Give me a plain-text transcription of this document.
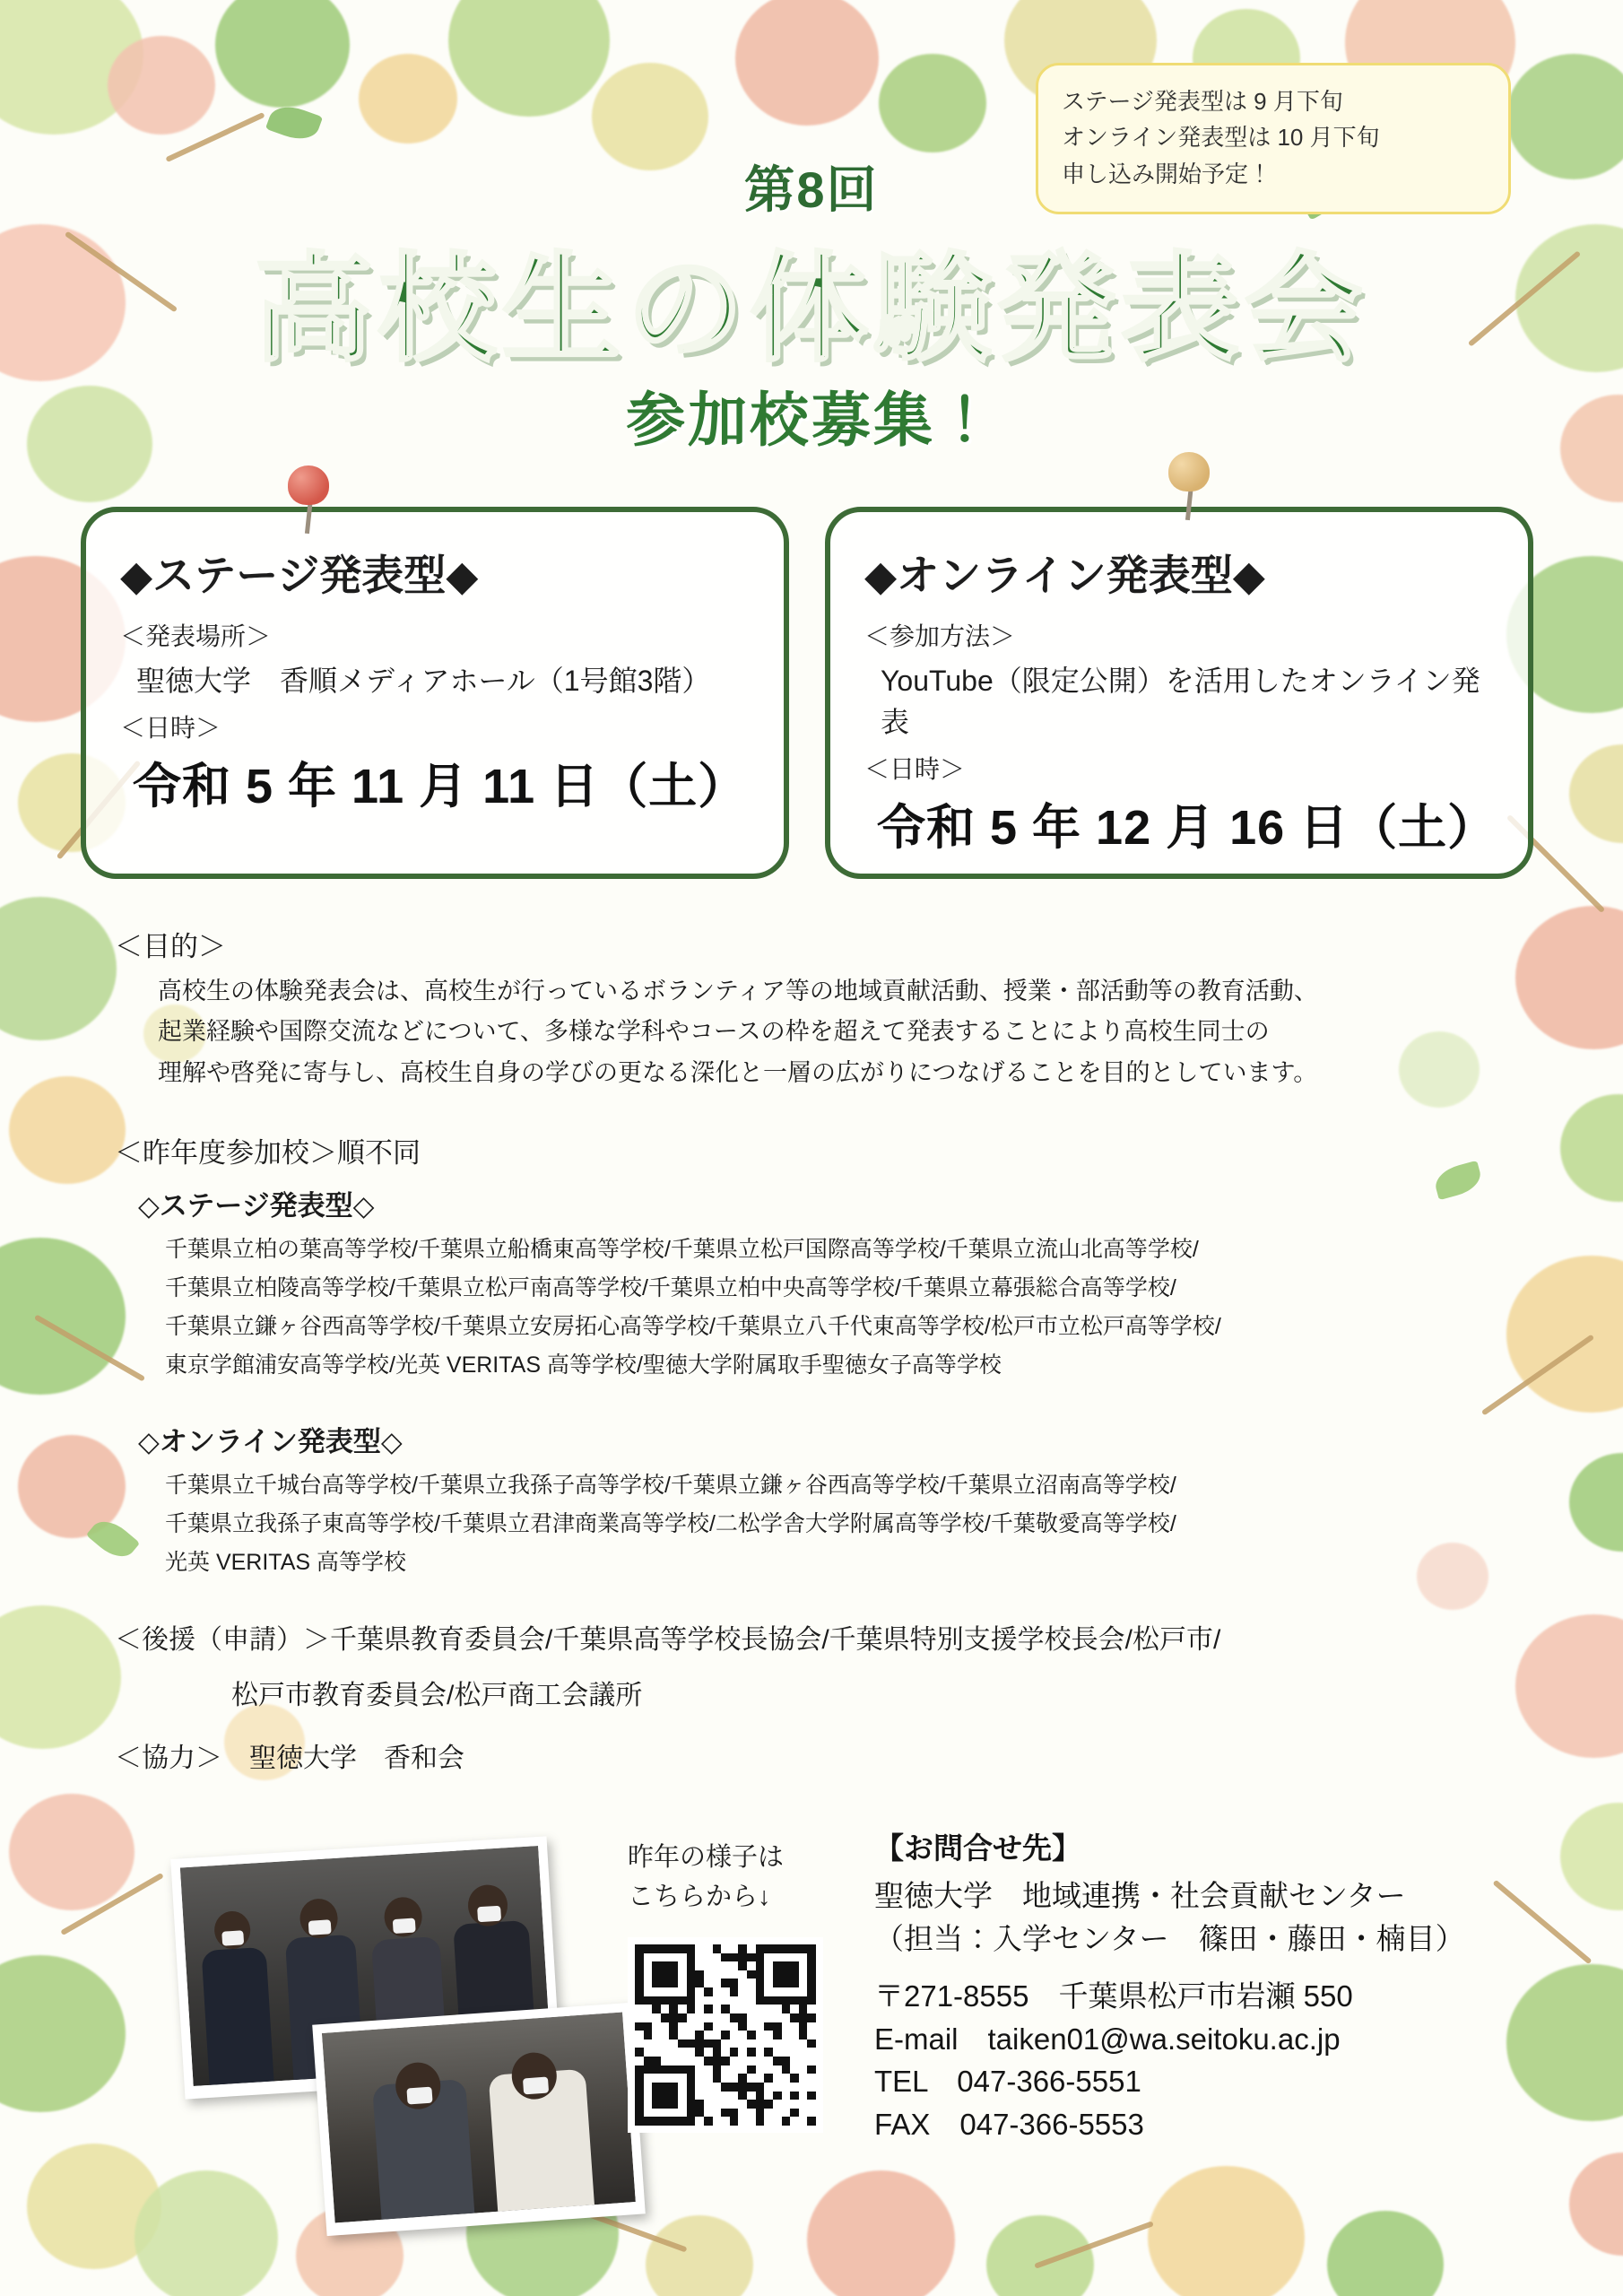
ステージ発表型は 9 月下旬
オンライン発表型は 10 月下旬
申し込み開始予定！
第8回
高校生の体験発表会
参加校募集！
◆ステージ発表型◆
＜発表場所＞
聖徳大学　香順メディアホール（1号館3階）
＜日時＞
令和 5 年 11 月 11 日（土）
◆オンライン発表型◆
＜参加方法＞
YouTube（限定公開）を活用したオンライン発表
＜日時＞
令和 5 年 12 月 16 日（土）
＜目的＞
高校生の体験発表会は、高校生が行っているボランティア等の地域貢献活動、授業・部活動等の教育活動、
起業経験や国際交流などについて、多様な学科やコースの枠を超えて発表することにより高校生同士の
理解や啓発に寄与し、高校生自身の学びの更なる深化と一層の広がりにつなげることを目的としています。
＜昨年度参加校＞順不同
◇ステージ発表型◇
千葉県立柏の葉高等学校/千葉県立船橋東高等学校/千葉県立松戸国際高等学校/千葉県立流山北高等学校/
千葉県立柏陵高等学校/千葉県立松戸南高等学校/千葉県立柏中央高等学校/千葉県立幕張総合高等学校/
千葉県立鎌ヶ谷西高等学校/千葉県立安房拓心高等学校/千葉県立八千代東高等学校/松戸市立松戸高等学校/
東京学館浦安高等学校/光英 VERITAS 高等学校/聖徳大学附属取手聖徳女子高等学校
◇オンライン発表型◇
千葉県立千城台高等学校/千葉県立我孫子高等学校/千葉県立鎌ヶ谷西高等学校/千葉県立沼南高等学校/
千葉県立我孫子東高等学校/千葉県立君津商業高等学校/二松学舎大学附属高等学校/千葉敬愛高等学校/
光英 VERITAS 高等学校
＜後援（申請）＞千葉県教育委員会/千葉県高等学校長協会/千葉県特別支援学校長会/松戸市/
松戸市教育委員会/松戸商工会議所
＜協力＞　聖徳大学　香和会
昨年の様子は
こちらから↓
【お問合せ先】
聖徳大学　地域連携・社会貢献センター
（担当：入学センター　篠田・藤田・楠目）
〒271-8555　千葉県松戸市岩瀬 550
E-mail　taiken01@wa.seitoku.ac.jp
TEL　047-366-5551
FAX　047-366-5553
